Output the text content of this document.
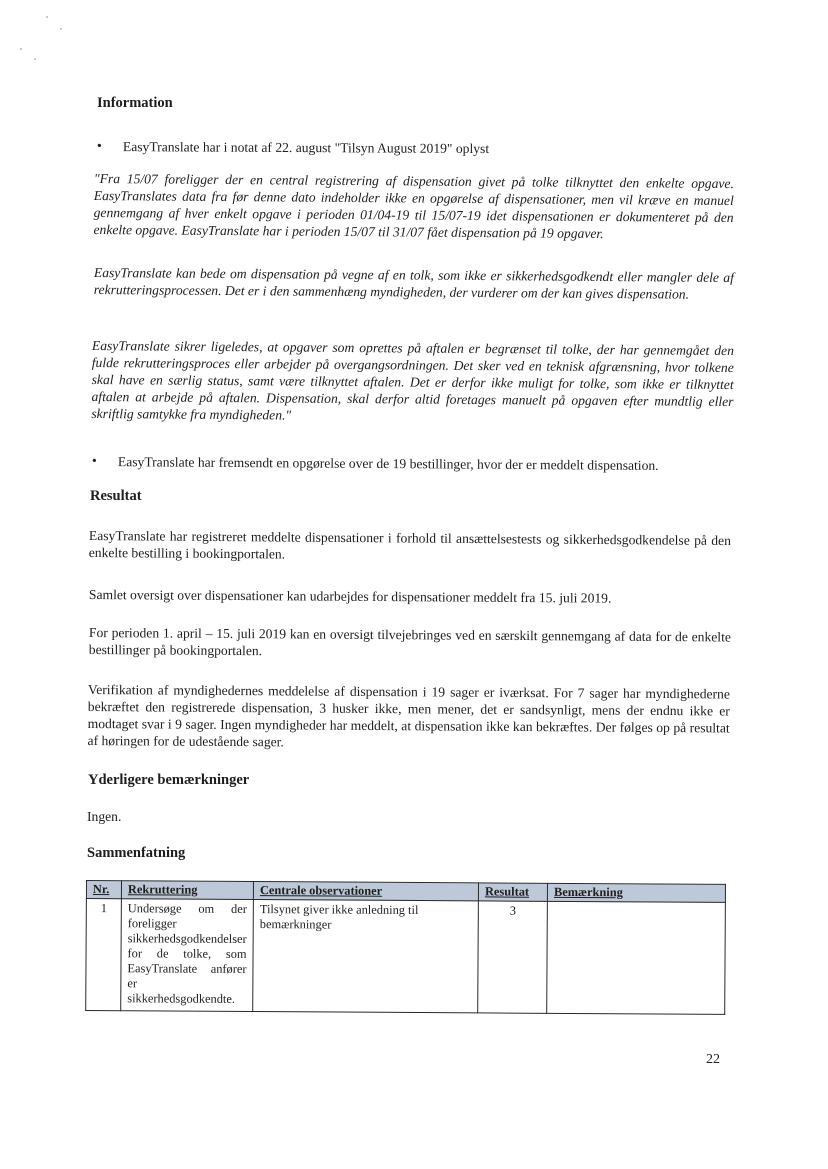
Information
•	EasyTranslate har i notat af 22. august "Tilsyn August 2019" oplyst

"Fra 15/07 foreligger der en central registrering af dispensation givet på tolke tilknyttet den enkelte opgave. EasyTranslates data fra før denne dato indeholder ikke en opgørelse af dispensationer, men vil kræve en manuel gennemgang af hver enkelt opgave i perioden 01/04-19 til 15/07-19 idet dispensationen er dokumenteret på den enkelte opgave. EasyTranslate har i perioden 15/07 til 31/07 fået dispensation på 19 opgaver.

EasyTranslate kan bede om dispensation på vegne af en tolk, som ikke er sikkerhedsgodkendt eller mangler dele af rekrutteringsprocessen. Det er i den sammenhæng myndigheden, der vurderer om der kan gives dispensation.

EasyTranslate sikrer ligeledes, at opgaver som oprettes på aftalen er begrænset til tolke, der har gennemgået den fulde rekrutteringsproces eller arbejder på overgangsordningen. Det sker ved en teknisk afgrænsning, hvor tolkene skal have en særlig status, samt være tilknyttet aftalen. Det er derfor ikke muligt for tolke, som ikke er tilknyttet aftalen at arbejde på aftalen. Dispensation, skal derfor altid foretages manuelt på opgaven efter mundtlig eller skriftlig samtykke fra myndigheden."

•	EasyTranslate har fremsendt en opgørelse over de 19 bestillinger, hvor der er meddelt dispensation.
Resultat

EasyTranslate har registreret meddelte dispensationer i forhold til ansættelsestests og sikkerhedsgodkendelse på den enkelte bestilling i bookingportalen.

Samlet oversigt over dispensationer kan udarbejdes for dispensationer meddelt fra 15. juli 2019.

For perioden 1. april – 15. juli 2019 kan en oversigt tilvejebringes ved en særskilt gennemgang af data for de enkelte bestillinger på bookingportalen.

Verifikation af myndighedernes meddelelse af dispensation i 19 sager er iværksat. For 7 sager har myndighederne bekræftet den registrerede dispensation, 3 husker ikke, men mener, det er sandsynligt, mens der endnu ikke er modtaget svar i 9 sager. Ingen myndigheder har meddelt, at dispensation ikke kan bekræftes. Der følges op på resultat af høringen for de udestående sager.

Yderligere bemærkninger

Ingen.

Sammenfatning
Nr.	Rekruttering	Centrale observationer	Resultat	Bemærkning
1	Undersøge om der foreligger sikkerhedsgodkendelser for de tolke, som EasyTranslate anfører er sikkerhedsgodkendte.	Tilsynet giver ikke anledning til bemærkninger	3	
22
